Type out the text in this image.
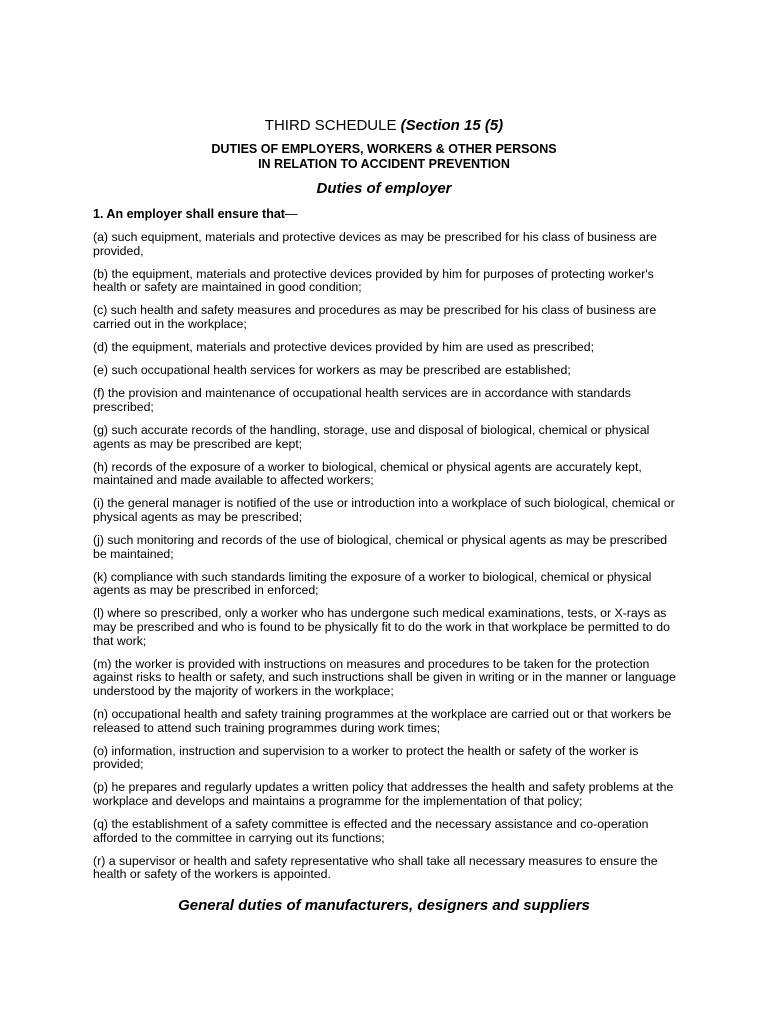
THIRD SCHEDULE (Section 15 (5)
DUTIES OF EMPLOYERS, WORKERS & OTHER PERSONS
IN RELATION TO ACCIDENT PREVENTION
Duties of employer
1. An employer shall ensure that—
(a) such equipment, materials and protective devices as may be prescribed for his class of business are provided,
(b) the equipment, materials and protective devices provided by him for purposes of protecting worker's health or safety are maintained in good condition;
(c) such health and safety measures and procedures as may be prescribed for his class of business are carried out in the workplace;
(d) the equipment, materials and protective devices provided by him are used as prescribed;
(e) such occupational health services for workers as may be prescribed are established;
(f) the provision and maintenance of occupational health services are in accordance with standards prescribed;
(g) such accurate records of the handling, storage, use and disposal of biological, chemical or physical agents as may be prescribed are kept;
(h) records of the exposure of a worker to biological, chemical or physical agents are accurately kept, maintained and made available to affected workers;
(i) the general manager is notified of the use or introduction into a workplace of such biological, chemical or physical agents as may be prescribed;
(j) such monitoring and records of the use of biological, chemical or physical agents as may be prescribed be maintained;
(k) compliance with such standards limiting the exposure of a worker to biological, chemical or physical agents as may be prescribed in enforced;
(l) where so prescribed, only a worker who has undergone such medical examinations, tests, or X-rays as may be prescribed and who is found to be physically fit to do the work in that workplace be permitted to do that work;
(m) the worker is provided with instructions on measures and procedures to be taken for the protection against risks to health or safety, and such instructions shall be given in writing or in the manner or language understood by the majority of workers in the workplace;
(n) occupational health and safety training programmes at the workplace are carried out or that workers be released to attend such training programmes during work times;
(o) information, instruction and supervision to a worker to protect the health or safety of the worker is provided;
(p) he prepares and regularly updates a written policy that addresses the health and safety problems at the workplace and develops and maintains a programme for the implementation of that policy;
(q) the establishment of a safety committee is effected and the necessary assistance and co-operation afforded to the committee in carrying out its functions;
(r) a supervisor or health and safety representative who shall take all necessary measures to ensure the health or safety of the workers is appointed.
General duties of manufacturers, designers and suppliers
